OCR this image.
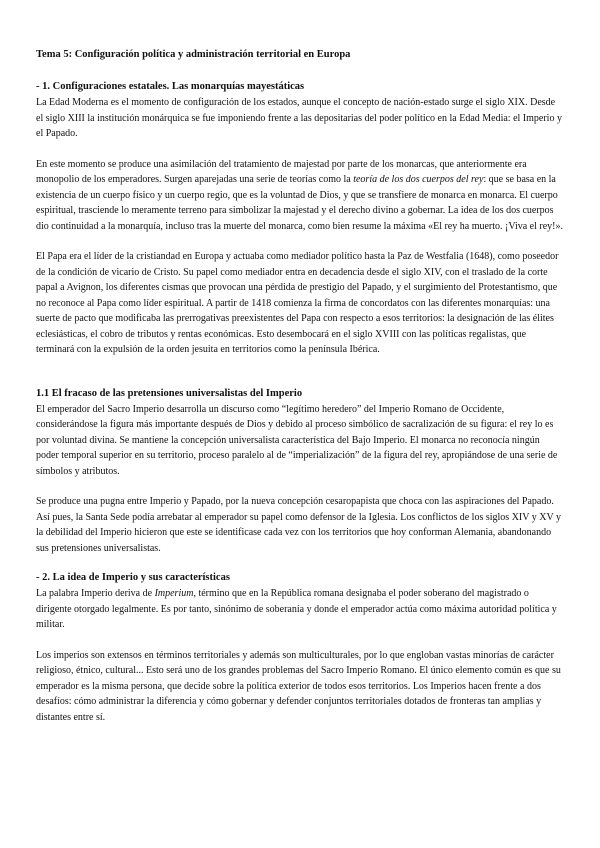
Tema 5: Configuración política y administración territorial en Europa
- 1. Configuraciones estatales. Las monarquías mayestáticas

La Edad Moderna es el momento de configuración de los estados, aunque el concepto de nación-estado surge el siglo XIX. Desde el siglo XIII la institución monárquica se fue imponiendo frente a las depositarias del poder político en la Edad Media: el Imperio y el Papado.

En este momento se produce una asimilación del tratamiento de majestad por parte de los monarcas, que anteriormente era monopolio de los emperadores. Surgen aparejadas una serie de teorías como la teoría de los dos cuerpos del rey: que se basa en la existencia de un cuerpo físico y un cuerpo regio, que es la voluntad de Dios, y que se transfiere de monarca en monarca. El cuerpo espiritual, trasciende lo meramente terreno para simbolizar la majestad y el derecho divino a gobernar. La idea de los dos cuerpos dio continuidad a la monarquía, incluso tras la muerte del monarca, como bien resume la máxima «El rey ha muerto. ¡Viva el rey!».

El Papa era el líder de la cristiandad en Europa y actuaba como mediador político hasta la Paz de Westfalia (1648), como poseedor de la condición de vicario de Cristo. Su papel como mediador entra en decadencia desde el siglo XIV, con el traslado de la corte papal a Avignon, los diferentes cismas que provocan una pérdida de prestigio del Papado, y el surgimiento del Protestantismo, que no reconoce al Papa como líder espiritual. A partir de 1418 comienza la firma de concordatos con las diferentes monarquías: una suerte de pacto que modificaba las prerrogativas preexistentes del Papa con respecto a esos territorios: la designación de las élites eclesiásticas, el cobro de tributos y rentas económicas. Esto desembocará en el siglo XVIII con las políticas regalistas, que terminará con la expulsión de la orden jesuita en territorios como la península Ibérica.

1.1 El fracaso de las pretensiones universalistas del Imperio

El emperador del Sacro Imperio desarrolla un discurso como “legítimo heredero” del Imperio Romano de Occidente, considerándose la figura más importante después de Dios y debido al proceso simbólico de sacralización de su figura: el rey lo es por voluntad divina. Se mantiene la concepción universalista característica del Bajo Imperio. El monarca no reconocía ningún poder temporal superior en su territorio, proceso paralelo al de “imperialización” de la figura del rey, apropiándose de una serie de símbolos y atributos.

Se produce una pugna entre Imperio y Papado, por la nueva concepción cesaropapista que choca con las aspiraciones del Papado. Así pues, la Santa Sede podía arrebatar al emperador su papel como defensor de la Iglesia. Los conflictos de los siglos XIV y XV y la debilidad del Imperio hicieron que este se identificase cada vez con los territorios que hoy conforman Alemania, abandonando sus pretensiones universalistas.

- 2. La idea de Imperio y sus características

La palabra Imperio deriva de Imperium, término que en la República romana designaba el poder soberano del magistrado o dirigente otorgado legalmente. Es por tanto, sinónimo de soberanía y donde el emperador actúa como máxima autoridad política y militar.

Los imperios son extensos en términos territoriales y además son multiculturales, por lo que engloban vastas minorías de carácter religioso, étnico, cultural... Esto será uno de los grandes problemas del Sacro Imperio Romano. El único elemento común es que su emperador es la misma persona, que decide sobre la política exterior de todos esos territorios. Los Imperios hacen frente a dos desafíos: cómo administrar la diferencia y cómo gobernar y defender conjuntos territoriales dotados de fronteras tan amplias y distantes entre sí.
